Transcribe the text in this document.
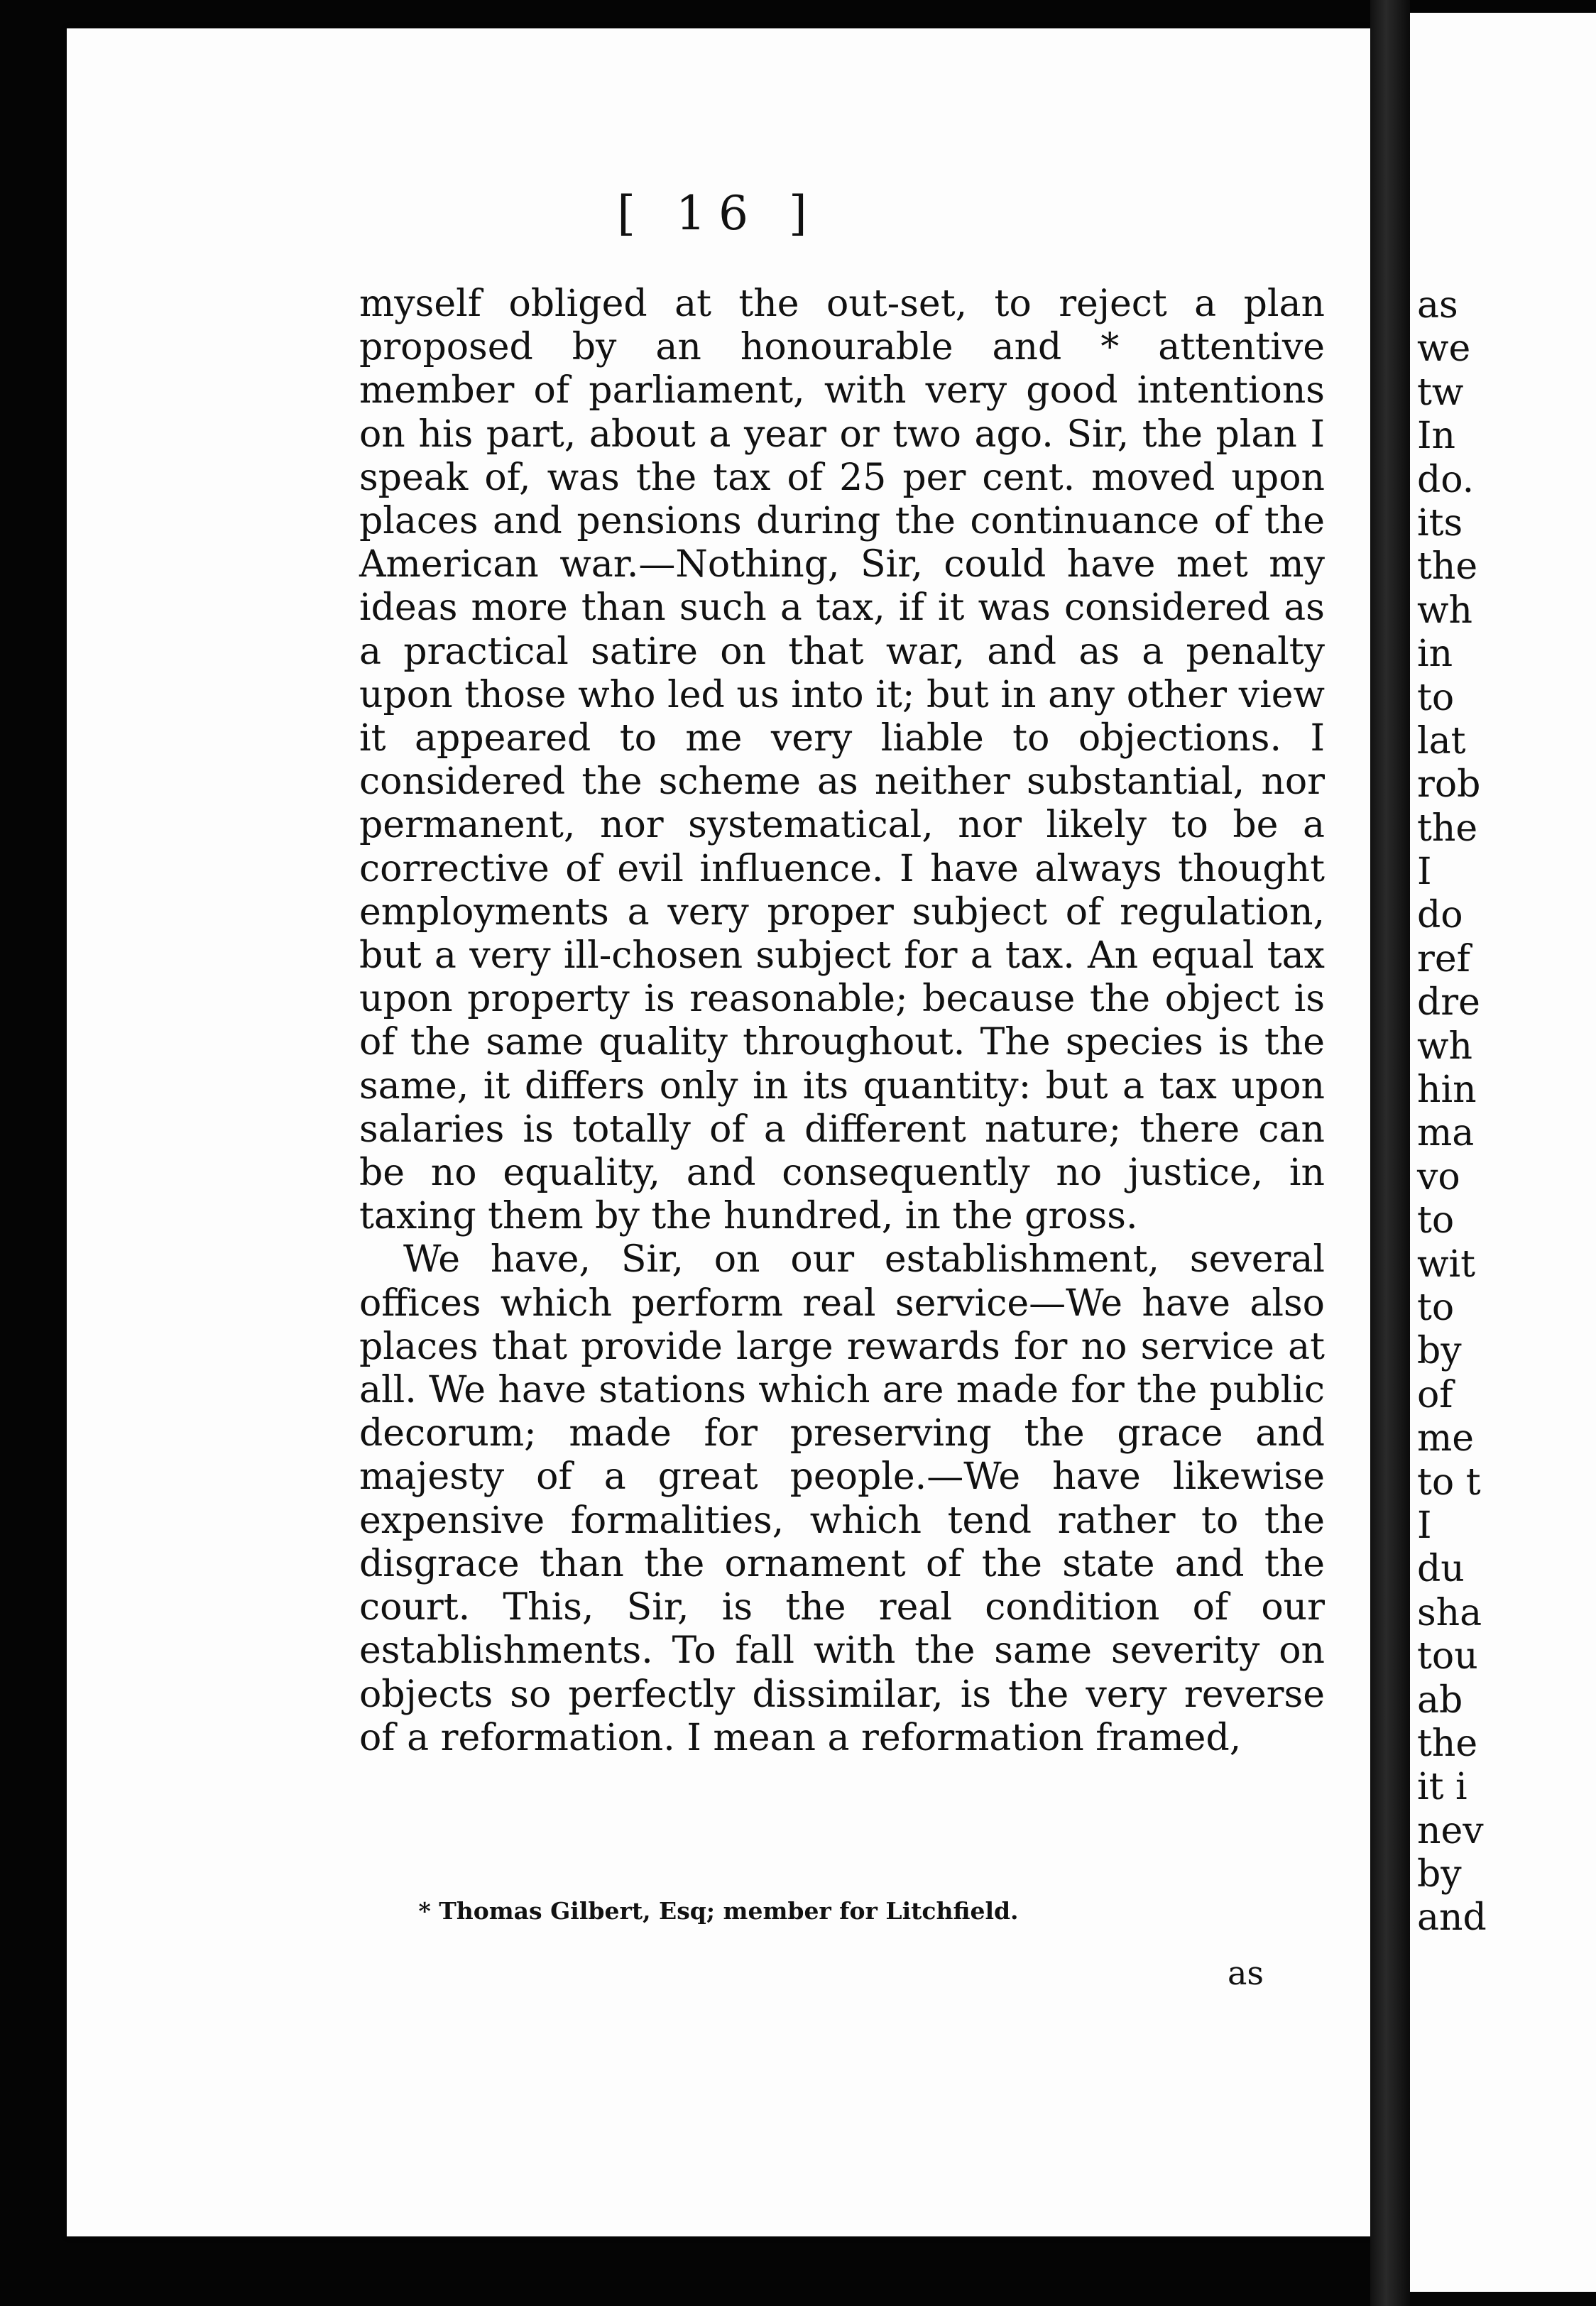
[ 16 ]

myself obliged at the out-set, to reject a plan proposed by an honourable and * attentive member of parliament, with very good intentions on his part, about a year or two ago. Sir, the plan I speak of, was the tax of 25 per cent. moved upon places and pensions during the continuance of the American war.—Nothing, Sir, could have met my ideas more than such a tax, if it was considered as a practical satire on that war, and as a penalty upon those who led us into it; but in any other view it appeared to me very liable to objections. I considered the scheme as neither substantial, nor permanent, nor systematical, nor likely to be a corrective of evil influence. I have always thought employments a very proper subject of regulation, but a very ill-chosen subject for a tax. An equal tax upon property is reasonable; because the object is of the same quality throughout. The species is the same, it differs only in its quantity: but a tax upon salaries is totally of a different nature; there can be no equality, and consequently no justice, in taxing them by the hundred, in the gross.

We have, Sir, on our establishment, several offices which perform real service—We have also places that provide large rewards for no service at all. We have stations which are made for the public decorum; made for preserving the grace and majesty of a great people.—We have likewise expensive formalities, which tend rather to the disgrace than the ornament of the state and the court. This, Sir, is the real condition of our establishments. To fall with the same severity on objects so perfectly dissimilar, is the very reverse of a reformation. I mean a reformation framed,

* Thomas Gilbert, Esq; member for Litchfield.
as
as
we
tw
In
do.
its
the
wh
in
to
lat
rob
the
I
do
ref
dre
wh
hin
ma
vo
to
wit
to
by
of
me
to t
I
du
sha
tou
ab
the
it i
nev
by
and
